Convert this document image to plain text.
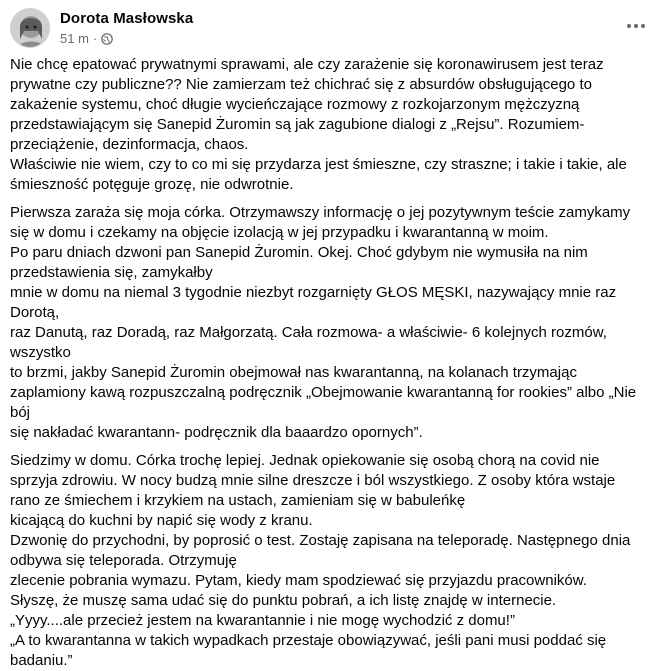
Dorota Masłowska
51 m ·

Nie chcę epatować prywatnymi sprawami, ale czy zarażenie się koronawirusem jest teraz

prywatne czy publiczne?? Nie zamierzam też chichrać się z absurdów obsługującego to

zakażenie systemu, choć długie wycieńczające rozmowy z rozkojarzonym mężczyzną

przedstawiającym się Sanepid Żuromin są jak zagubione dialogi z „Rejsu”. Rozumiem-

przeciążenie, dezinformacja, chaos.

Właściwie nie wiem, czy to co mi się przydarza jest śmieszne, czy straszne; i takie i takie, ale

śmieszność potęguje grozę, nie odwrotnie.

Pierwsza zaraża się moja córka. Otrzymawszy informację o jej pozytywnym teście zamykamy

się w domu i czekamy na objęcie izolacją w jej przypadku i kwarantanną w moim.

Po paru dniach dzwoni pan Sanepid Żuromin. Okej. Choć gdybym nie wymusiła na nim

przedstawienia się, zamykałby

mnie w domu na niemal 3 tygodnie niezbyt rozgarnięty GŁOS MĘSKI, nazywający mnie raz

Dorotą,

raz Danutą, raz Doradą, raz Małgorzatą. Cała rozmowa- a właściwie- 6 kolejnych rozmów,

wszystko

to brzmi, jakby Sanepid Żuromin obejmował nas kwarantanną, na kolanach trzymając

zaplamiony kawą rozpuszczalną podręcznik „Obejmowanie kwarantanną for rookies” albo „Nie

bój

się nakładać kwarantann- podręcznik dla baaardzo opornych”.

Siedzimy w domu. Córka trochę lepiej. Jednak opiekowanie się osobą chorą na covid nie

sprzyja zdrowiu. W nocy budzą mnie silne dreszcze i ból wszystkiego. Z osoby która wstaje

rano ze śmiechem i krzykiem na ustach, zamieniam się w babuleńkę

kicającą do kuchni by napić się wody z kranu.

Dzwonię do przychodni, by poprosić o test. Zostaję zapisana na teleporadę. Następnego dnia

odbywa się teleporada. Otrzymuję

zlecenie pobrania wymazu. Pytam, kiedy mam spodziewać się przyjazdu pracowników.

Słyszę, że muszę sama udać się do punktu pobrań, a ich listę znajdę w internecie.

„Yyyy....ale przecież jestem na kwarantannie i nie mogę wychodzić z domu!”

„A to kwarantanna w takich wypadkach przestaje obowiązywać, jeśli pani musi poddać się

badaniu.”
